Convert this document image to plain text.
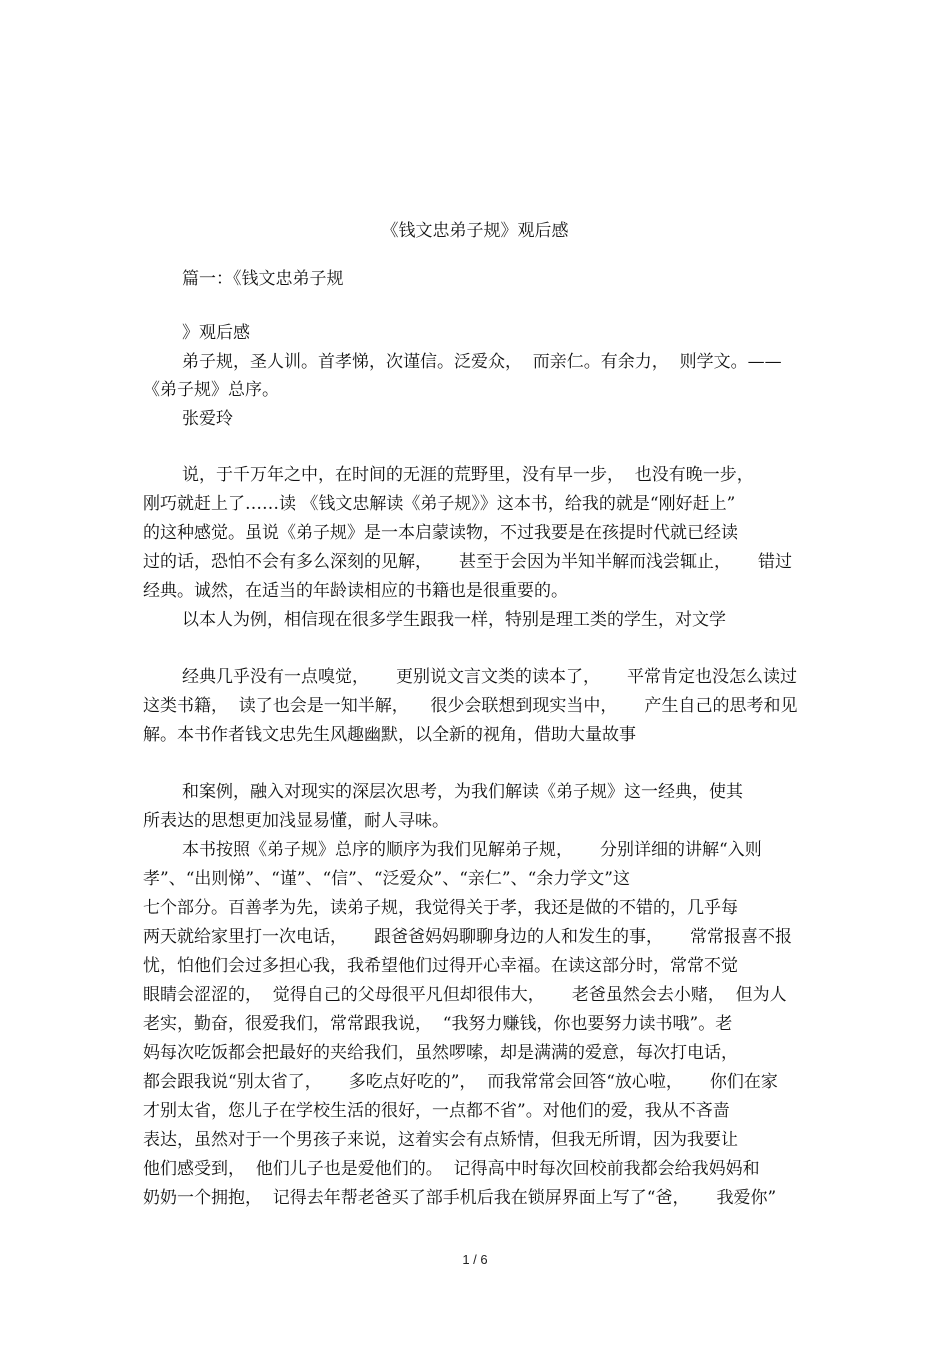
《钱文忠弟子规》观后感
篇一：《钱文忠弟子规
》观后感
弟子规，圣人训。首孝悌，次谨信。泛爱众，  而亲仁。有余力，  则学文。——
《弟子规》总序。
张爱玲
说，于千万年之中，在时间的无涯的荒野里，没有早一步，  也没有晚一步，
刚巧就赶上了……读 《钱文忠解读《弟子规》》这本书，给我的就是“刚好赶上”
的这种感觉。虽说《弟子规》是一本启蒙读物，不过我要是在孩提时代就已经读
过的话，恐怕不会有多么深刻的见解，     甚至于会因为半知半解而浅尝辄止，     错过
经典。诚然，在适当的年龄读相应的书籍也是很重要的。
以本人为例，相信现在很多学生跟我一样，特别是理工类的学生，对文学
经典几乎没有一点嗅觉，     更别说文言文类的读本了，     平常肯定也没怎么读过
这类书籍，  读了也会是一知半解，    很少会联想到现实当中，     产生自己的思考和见
解。本书作者钱文忠先生风趣幽默，以全新的视角，借助大量故事
和案例，融入对现实的深层次思考，为我们解读《弟子规》这一经典，使其
所表达的思想更加浅显易懂，耐人寻味。
本书按照《弟子规》总序的顺序为我们见解弟子规，     分别详细的讲解“入则
孝”、“出则悌”、“谨”、“信”、“泛爱众”、“亲仁”、“余力学文”这
七个部分。百善孝为先，读弟子规，我觉得关于孝，我还是做的不错的，几乎每
两天就给家里打一次电话，     跟爸爸妈妈聊聊身边的人和发生的事，     常常报喜不报
忧，怕他们会过多担心我，我希望他们过得开心幸福。在读这部分时，常常不觉
眼睛会涩涩的，  觉得自己的父母很平凡但却很伟大，     老爸虽然会去小赌，  但为人
老实，勤奋，很爱我们，常常跟我说，  “我努力赚钱，你也要努力读书哦”。老
妈每次吃饭都会把最好的夹给我们，虽然啰嗦，却是满满的爱意，每次打电话，
都会跟我说“别太省了，     多吃点好吃的”，  而我常常会回答“放心啦，     你们在家
才别太省，您儿子在学校生活的很好，一点都不省”。对他们的爱，我从不吝啬
表达，虽然对于一个男孩子来说，这着实会有点矫情，但我无所谓，因为我要让
他们感受到，  他们儿子也是爱他们的。  记得高中时每次回校前我都会给我妈妈和
奶奶一个拥抱，  记得去年帮老爸买了部手机后我在锁屏界面上写了“爸，     我爱你”
1 / 6
